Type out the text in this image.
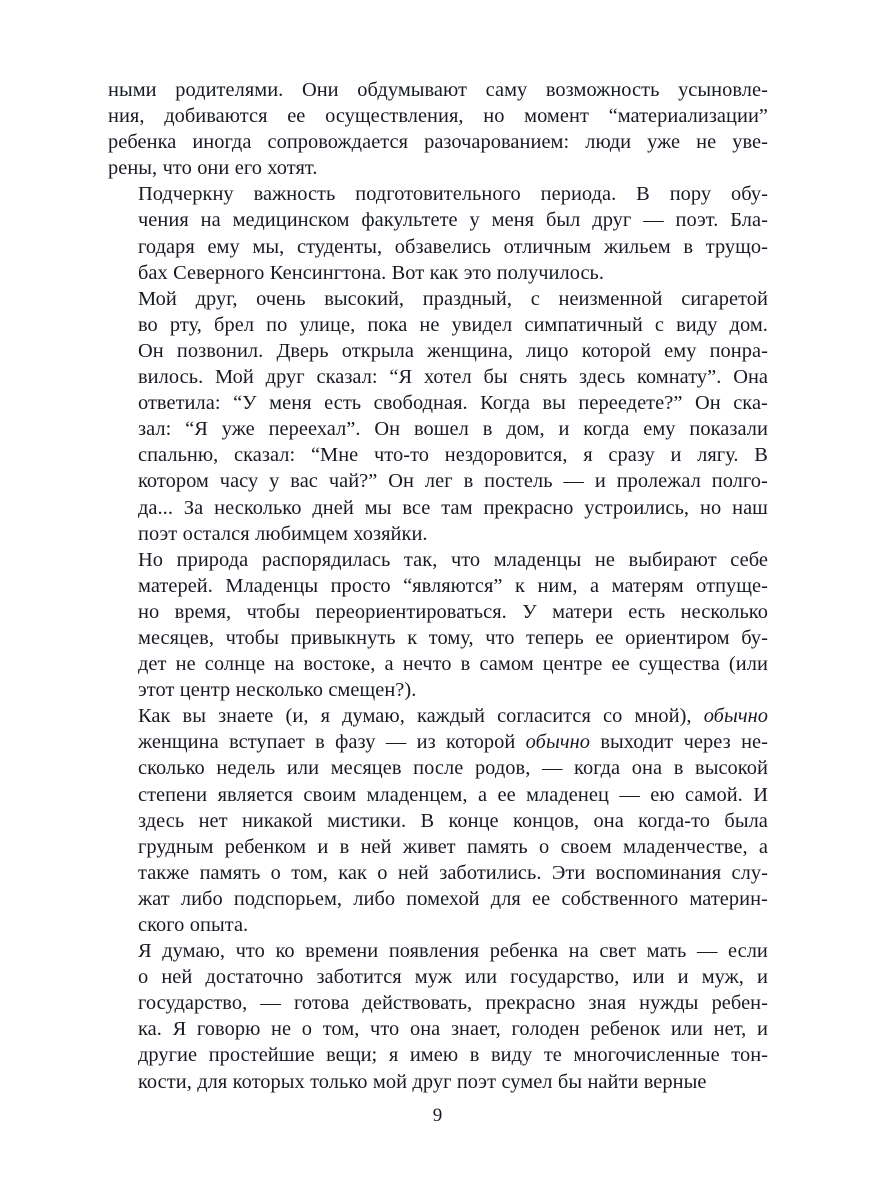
ными родителями. Они обдумывают саму возможность усыновле-
ния, добиваются ее осуществления, но момент “материализации”
ребенка иногда сопровождается разочарованием: люди уже не уве-
рены, что они его хотят.

Подчеркну важность подготовительного периода. В пору обу-
чения на медицинском факультете у меня был друг — поэт. Бла-
годаря ему мы, студенты, обзавелись отличным жильем в трущо-
бах Северного Кенсингтона. Вот как это получилось.

Мой друг, очень высокий, праздный, с неизменной сигаретой
во рту, брел по улице, пока не увидел симпатичный с виду дом.
Он позвонил. Дверь открыла женщина, лицо которой ему понра-
вилось. Мой друг сказал: “Я хотел бы снять здесь комнату”. Она
ответила: “У меня есть свободная. Когда вы переедете?” Он ска-
зал: “Я уже переехал”. Он вошел в дом, и когда ему показали
спальню, сказал: “Мне что-то нездоровится, я сразу и лягу. В
котором часу у вас чай?” Он лег в постель — и пролежал полго-
да... За несколько дней мы все там прекрасно устроились, но наш
поэт остался любимцем хозяйки.

Но природа распорядилась так, что младенцы не выбирают себе
матерей. Младенцы просто “являются” к ним, а матерям отпуще-
но время, чтобы переориентироваться. У матери есть несколько
месяцев, чтобы привыкнуть к тому, что теперь ее ориентиром бу-
дет не солнце на востоке, а нечто в самом центре ее существа (или
этот центр несколько смещен?).

Как вы знаете (и, я думаю, каждый согласится со мной), обычно
женщина вступает в фазу — из которой обычно выходит через не-
сколько недель или месяцев после родов, — когда она в высокой
степени является своим младенцем, а ее младенец — ею самой. И
здесь нет никакой мистики. В конце концов, она когда-то была
грудным ребенком и в ней живет память о своем младенчестве, а
также память о том, как о ней заботились. Эти воспоминания слу-
жат либо подспорьем, либо помехой для ее собственного материн-
ского опыта.

Я думаю, что ко времени появления ребенка на свет мать — если
о ней достаточно заботится муж или государство, или и муж, и
государство, — готова действовать, прекрасно зная нужды ребен-
ка. Я говорю не о том, что она знает, голоден ребенок или нет, и
другие простейшие вещи; я имею в виду те многочисленные тон-
кости, для которых только мой друг поэт сумел бы найти верные

9
